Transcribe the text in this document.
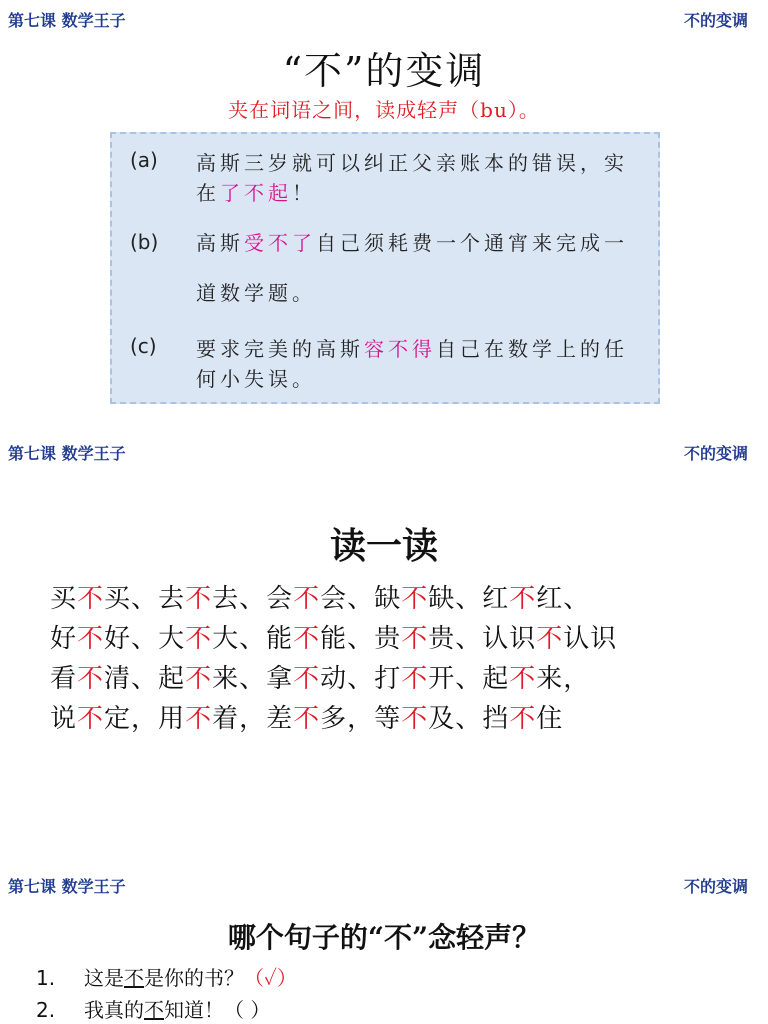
第七课 数学王子	不的变调
“不”的变调
夹在词语之间，读成轻声（bu）。
(a)	高斯三岁就可以纠正父亲账本的错误，实在了不起！
(b)	高斯受不了自己须耗费一个通宵来完成一道数学题。
(c)	要求完美的高斯容不得自己在数学上的任何小失误。
第七课 数学王子	不的变调
读一读
买不买、去不去、会不会、缺不缺、红不红、
好不好、大不大、能不能、贵不贵、认识不认识
看不清、起不来、拿不动、打不开、起不来，
说不定，用不着，差不多，等不及、挡不住
第七课 数学王子	不的变调
哪个句子的“不”念轻声？
1. 这是不是你的书？（✓）
2. 我真的不知道！（ ）
